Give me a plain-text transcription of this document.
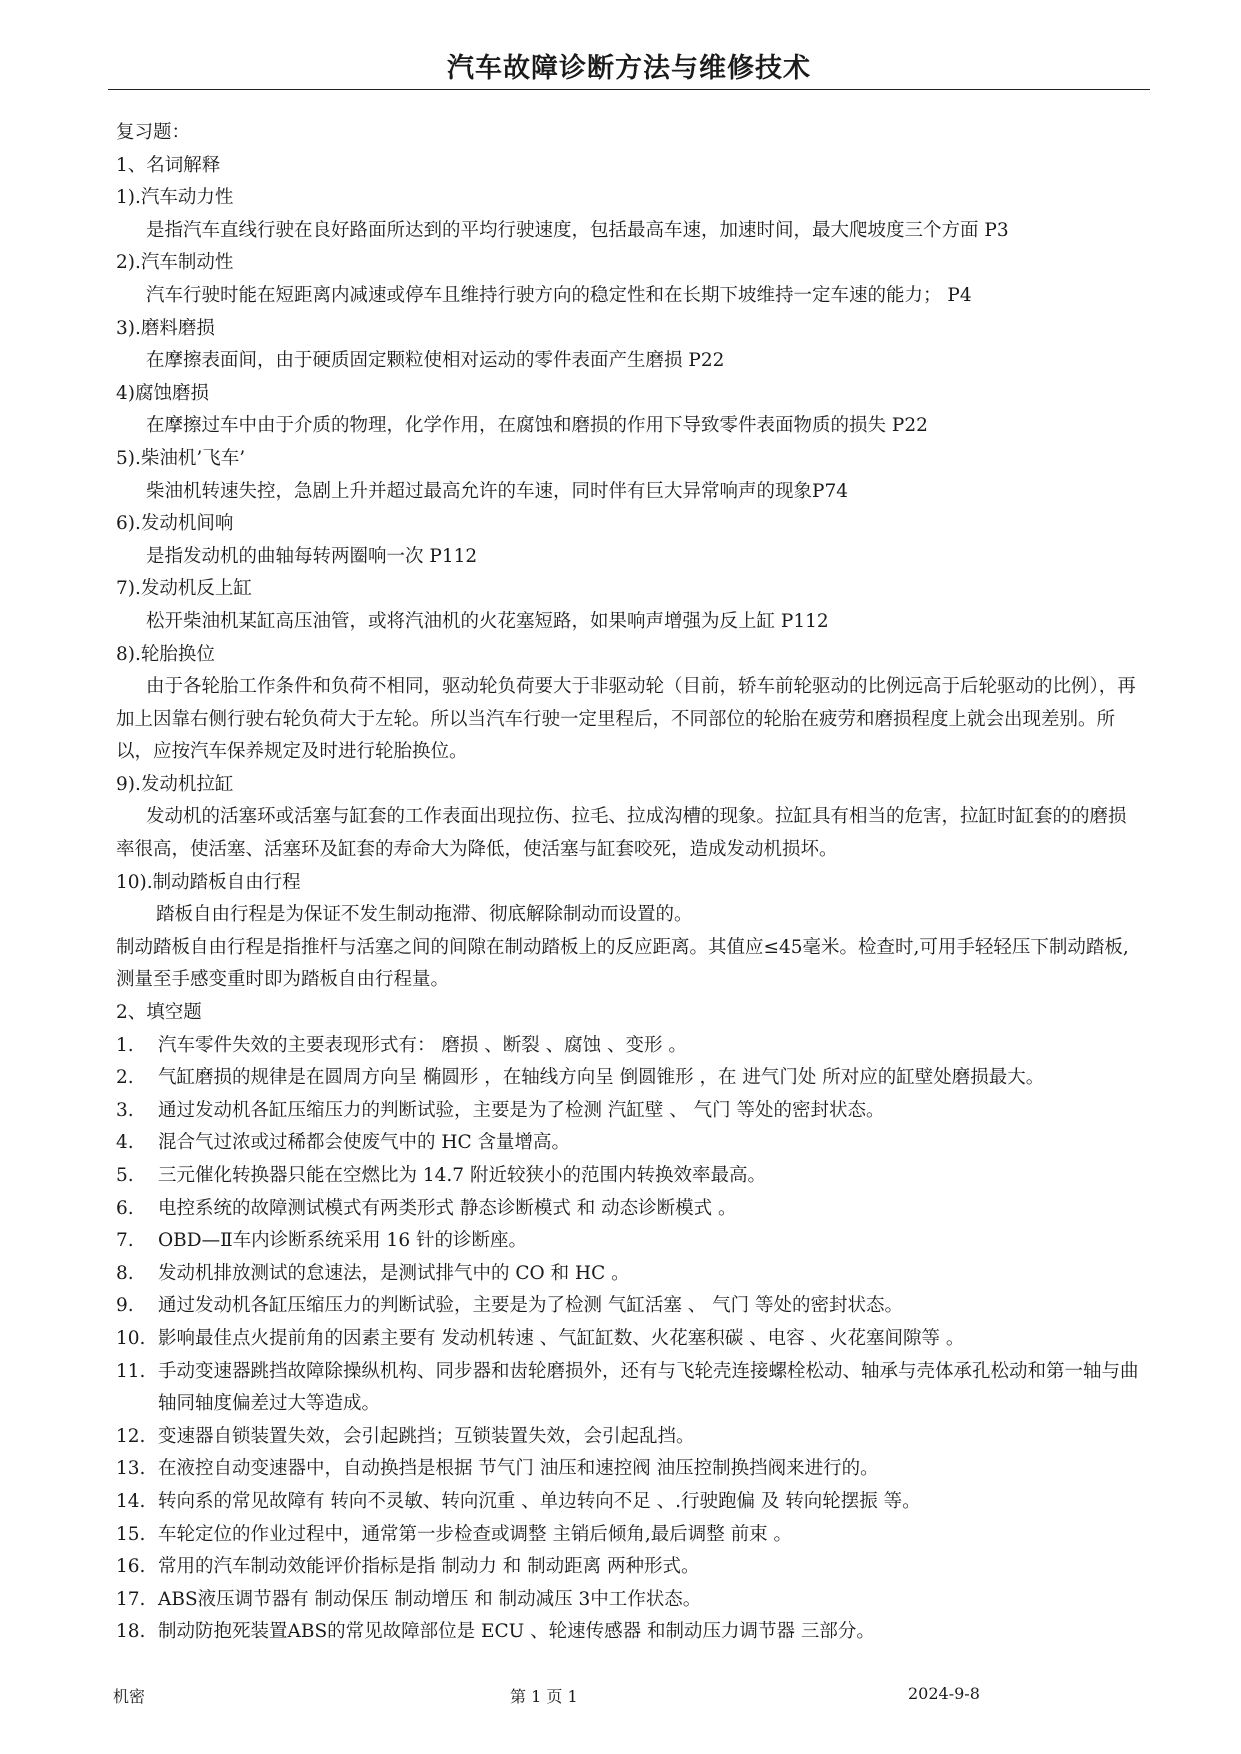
汽车故障诊断方法与维修技术
复习题：
1、名词解释
1).汽车动力性
是指汽车直线行驶在良好路面所达到的平均行驶速度，包括最高车速，加速时间，最大爬坡度三个方面 P3
2).汽车制动性
汽车行驶时能在短距离内减速或停车且维持行驶方向的稳定性和在长期下坡维持一定车速的能力； P4
3).磨料磨损
在摩擦表面间，由于硬质固定颗粒使相对运动的零件表面产生磨损 P22
4)腐蚀磨损
在摩擦过车中由于介质的物理，化学作用，在腐蚀和磨损的作用下导致零件表面物质的损失 P22
5).柴油机’飞车’
柴油机转速失控，急剧上升并超过最高允许的车速，同时伴有巨大异常响声的现象P74
6).发动机间响
是指发动机的曲轴每转两圈响一次 P112
7).发动机反上缸
松开柴油机某缸高压油管，或将汽油机的火花塞短路，如果响声增强为反上缸 P112
8).轮胎换位
由于各轮胎工作条件和负荷不相同，驱动轮负荷要大于非驱动轮（目前，轿车前轮驱动的比例远高于后轮驱动的比例），再加上因靠右侧行驶右轮负荷大于左轮。所以当汽车行驶一定里程后，不同部位的轮胎在疲劳和磨损程度上就会出现差别。所以，应按汽车保养规定及时进行轮胎换位。
9).发动机拉缸
发动机的活塞环或活塞与缸套的工作表面出现拉伤、拉毛、拉成沟槽的现象。拉缸具有相当的危害，拉缸时缸套的的磨损率很高，使活塞、活塞环及缸套的寿命大为降低，使活塞与缸套咬死，造成发动机损坏。
10).制动踏板自由行程
踏板自由行程是为保证不发生制动拖滞、彻底解除制动而设置的。
制动踏板自由行程是指推杆与活塞之间的间隙在制动踏板上的反应距离。其值应≤45毫米。检查时,可用手轻轻压下制动踏板,测量至手感变重时即为踏板自由行程量。
2、填空题
1.	汽车零件失效的主要表现形式有： 磨损 、断裂 、腐蚀 、变形 。
2.	气缸磨损的规律是在圆周方向呈 椭圆形 ，在轴线方向呈 倒圆锥形 ，在 进气门处 所对应的缸壁处磨损最大。
3.	通过发动机各缸压缩压力的判断试验，主要是为了检测 汽缸壁 、 气门 等处的密封状态。
4.	混合气过浓或过稀都会使废气中的 HC 含量增高。
5.	三元催化转换器只能在空燃比为 14.7 附近较狭小的范围内转换效率最高。
6.	电控系统的故障测试模式有两类形式 静态诊断模式 和 动态诊断模式 。
7.	OBD—Ⅱ车内诊断系统采用 16 针的诊断座。
8.	发动机排放测试的怠速法，是测试排气中的 CO 和 HC 。
9.	通过发动机各缸压缩压力的判断试验，主要是为了检测 气缸活塞 、 气门 等处的密封状态。
10. 影响最佳点火提前角的因素主要有 发动机转速 、气缸缸数、火花塞积碳 、电容 、火花塞间隙等 。
11. 手动变速器跳挡故障除操纵机构、同步器和齿轮磨损外，还有与飞轮壳连接螺栓松动、轴承与壳体承孔松动和第一轴与曲轴同轴度偏差过大等造成。
12. 变速器自锁装置失效，会引起跳挡；互锁装置失效，会引起乱挡。
13. 在液控自动变速器中，自动换挡是根据 节气门 油压和速控阀 油压控制换挡阀来进行的。
14. 转向系的常见故障有 转向不灵敏、转向沉重 、单边转向不足 、.行驶跑偏 及 转向轮摆振 等。
15. 车轮定位的作业过程中，通常第一步检查或调整 主销后倾角,最后调整 前束 。
16. 常用的汽车制动效能评价指标是指 制动力 和 制动距离 两种形式。
17. ABS液压调节器有 制动保压 制动增压 和 制动减压 3中工作状态。
18. 制动防抱死装置ABS的常见故障部位是 ECU 、轮速传感器 和制动压力调节器 三部分。
机密	第 1 页 1	2024-9-8
